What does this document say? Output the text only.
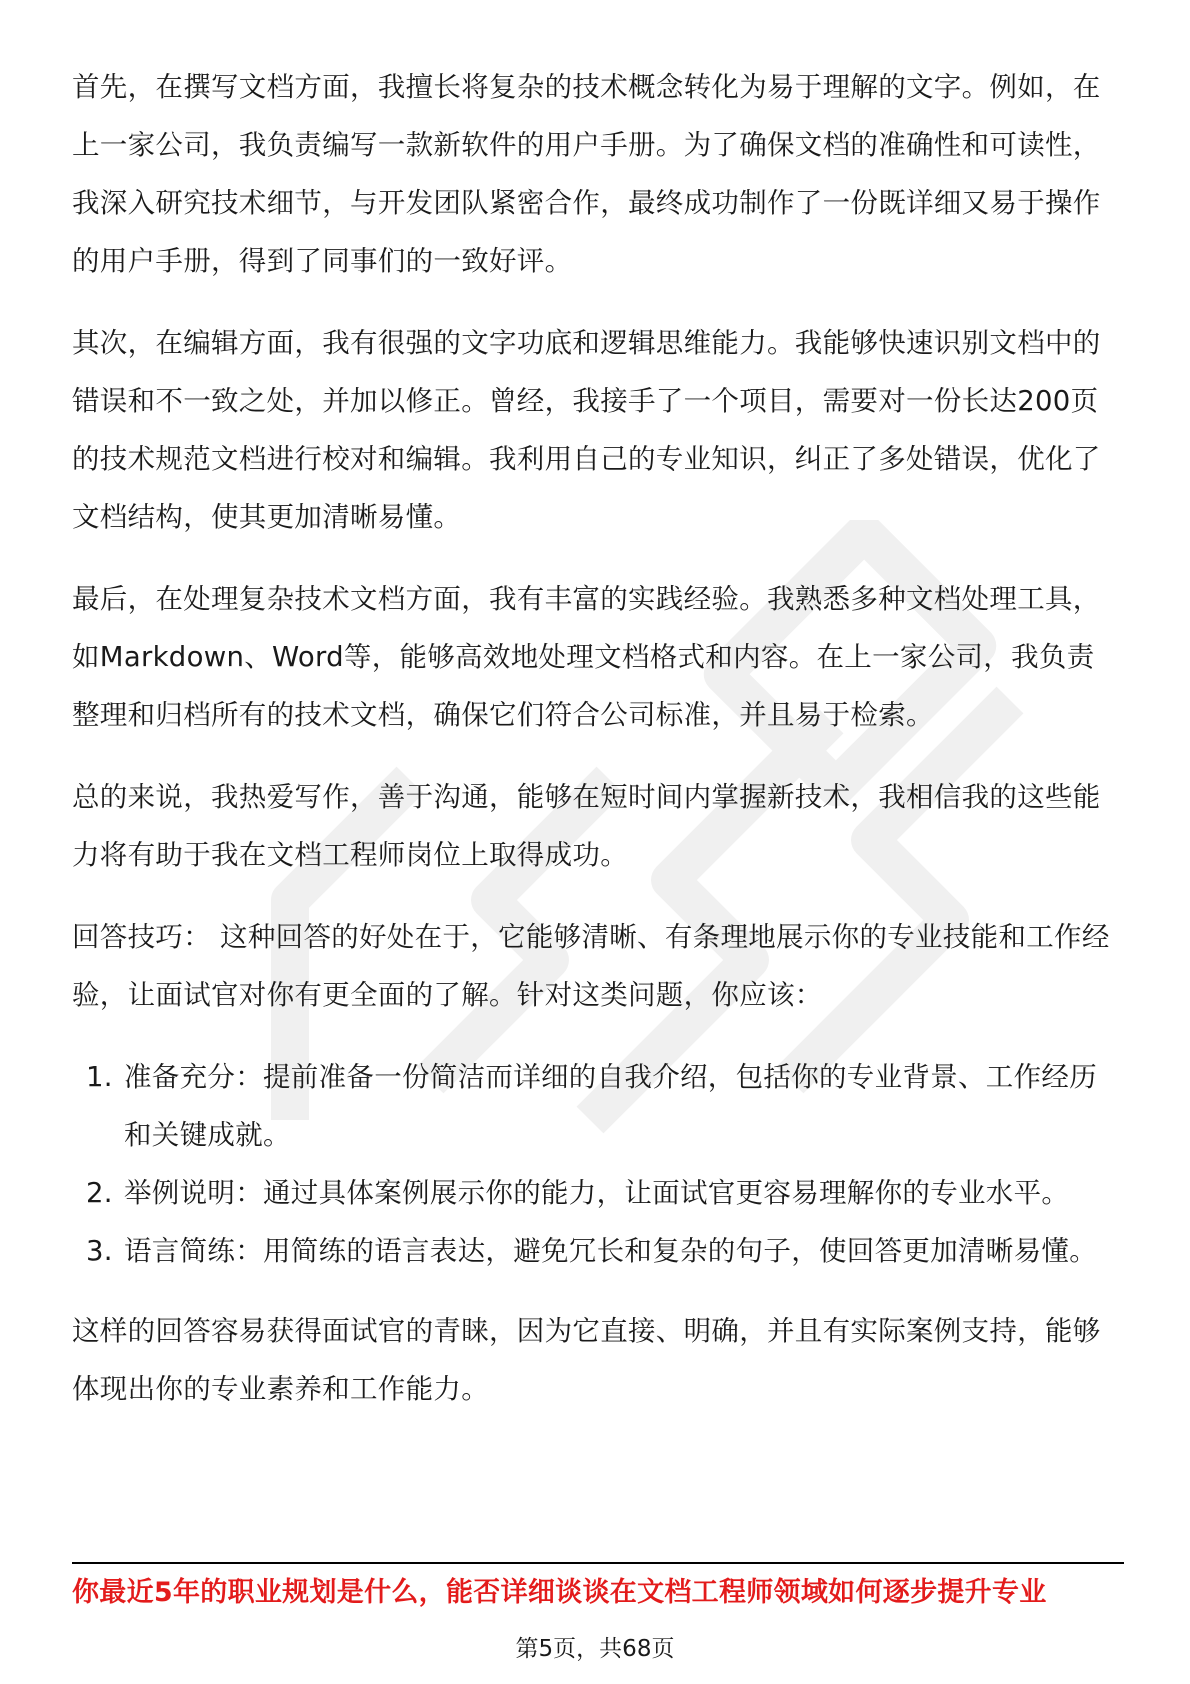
首先，在撰写文档方面，我擅长将复杂的技术概念转化为易于理解的文字。例如，在上一家公司，我负责编写一款新软件的用户手册。为了确保文档的准确性和可读性，我深入研究技术细节，与开发团队紧密合作，最终成功制作了一份既详细又易于操作的用户手册，得到了同事们的一致好评。

其次，在编辑方面，我有很强的文字功底和逻辑思维能力。我能够快速识别文档中的错误和不一致之处，并加以修正。曾经，我接手了一个项目，需要对一份长达200页的技术规范文档进行校对和编辑。我利用自己的专业知识，纠正了多处错误，优化了文档结构，使其更加清晰易懂。

最后，在处理复杂技术文档方面，我有丰富的实践经验。我熟悉多种文档处理工具，如Markdown、Word等，能够高效地处理文档格式和内容。在上一家公司，我负责整理和归档所有的技术文档，确保它们符合公司标准，并且易于检索。

总的来说，我热爱写作，善于沟通，能够在短时间内掌握新技术，我相信我的这些能力将有助于我在文档工程师岗位上取得成功。

回答技巧： 这种回答的好处在于，它能够清晰、有条理地展示你的专业技能和工作经验，让面试官对你有更全面的了解。针对这类问题，你应该：

1. 准备充分：提前准备一份简洁而详细的自我介绍，包括你的专业背景、工作经历和关键成就。
2. 举例说明：通过具体案例展示你的能力，让面试官更容易理解你的专业水平。
3. 语言简练：用简练的语言表达，避免冗长和复杂的句子，使回答更加清晰易懂。

这样的回答容易获得面试官的青睐，因为它直接、明确，并且有实际案例支持，能够体现出你的专业素养和工作能力。

你最近5年的职业规划是什么，能否详细谈谈在文档工程师领域如何逐步提升专业
第5页，共68页
